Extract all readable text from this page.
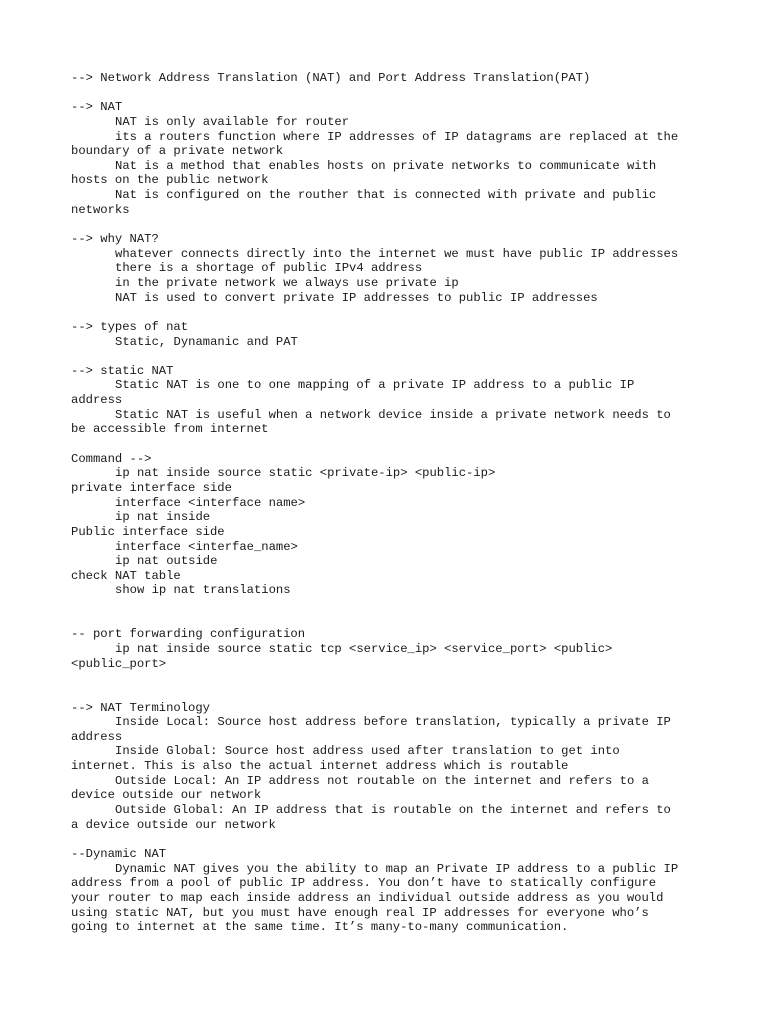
--> Network Address Translation (NAT) and Port Address Translation(PAT)
--> NAT
NAT is only available for router
its a routers function where IP addresses of IP datagrams are replaced at the
boundary of a private network
Nat is a method that enables hosts on private networks to communicate with
hosts on the public network
Nat is configured on the routher that is connected with private and public
networks
--> why NAT?
whatever connects directly into the internet we must have public IP addresses
there is a shortage of public IPv4 address
in the private network we always use private ip
NAT is used to convert private IP addresses to public IP addresses
--> types of nat
Static, Dynamanic and PAT
--> static NAT
Static NAT is one to one mapping of a private IP address to a public IP
address
Static NAT is useful when a network device inside a private network needs to
be accessible from internet
Command -->
ip nat inside source static <private-ip> <public-ip>
private interface side
interface <interface name>
ip nat inside
Public interface side
interface <interfae_name>
ip nat outside
check NAT table
show ip nat translations
-- port forwarding configuration
ip nat inside source static tcp <service_ip> <service_port> <public>
<public_port>
--> NAT Terminology
Inside Local: Source host address before translation, typically a private IP
address
Inside Global: Source host address used after translation to get into
internet. This is also the actual internet address which is routable
Outside Local: An IP address not routable on the internet and refers to a
device outside our network
Outside Global: An IP address that is routable on the internet and refers to
a device outside our network
--Dynamic NAT
Dynamic NAT gives you the ability to map an Private IP address to a public IP
address from a pool of public IP address. You don’t have to statically configure
your router to map each inside address an individual outside address as you would
using static NAT, but you must have enough real IP addresses for everyone who’s
going to internet at the same time. It’s many-to-many communication.
